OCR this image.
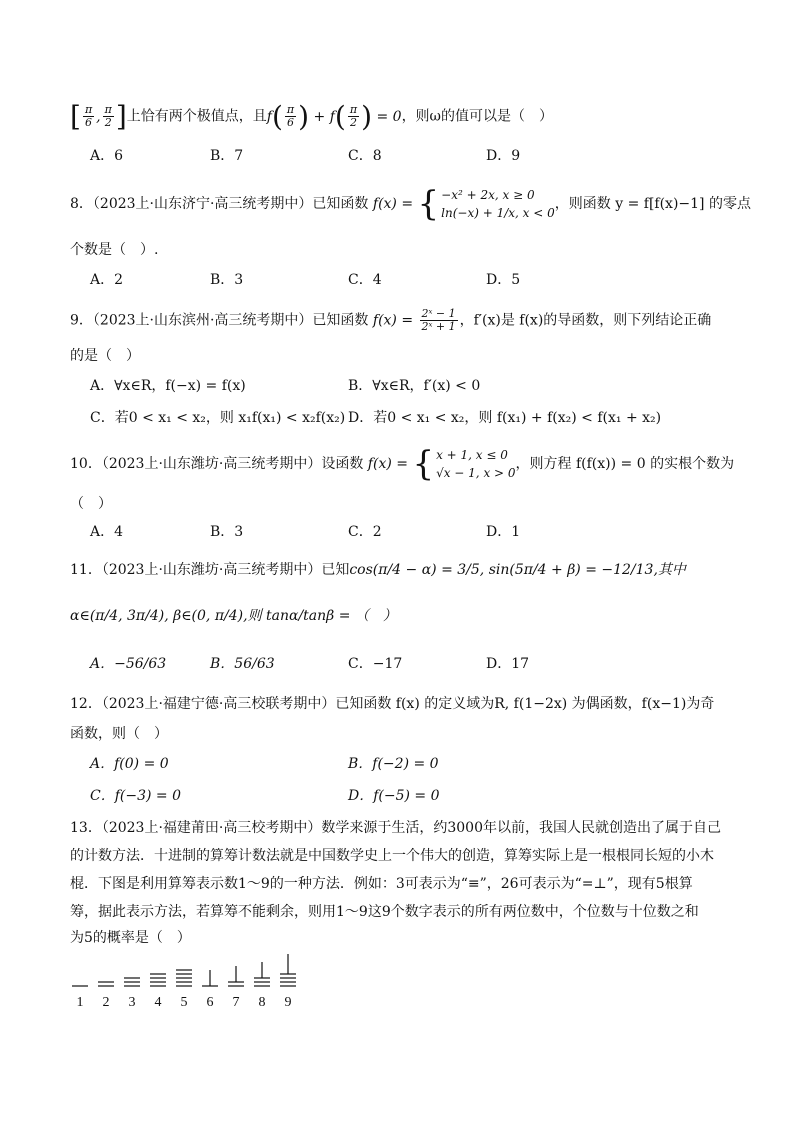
[ $\frac{\pi}{6}$ , $\frac{\pi}{2}$ ]上恰有两个极值点，且$f( \frac{\pi}{6}$ ) + $f( \frac{\pi}{2}$ ) = 0，则ω的值可以是（　）
A．6	B．7	C．8	D．9
8．（2023上·山东济宁·高三统考期中）已知函数 f(x) = { −x² + 2x, x ≥ 0
ln(−x) + 1/x, x < 0
，则函数 y = f[f(x)−1] 的零点
个数是（　）.
A．2	B．3	C．4	D．5
9．（2023上·山东滨州·高三统考期中）已知函数 $f(x) = \frac{\text{2ˣ − 1}}{\text{2ˣ + 1}}$ ，f′(x)是 f(x)的导函数，则下列结论正确
的是（　）
A．∀x∈R，f(−x) = f(x)	B．∀x∈R，f′(x) < 0
C．若0 < x₁ < x₂，则 x₁f(x₁) < x₂f(x₂) D．若0 < x₁ < x₂，则 f(x₁) + f(x₂) < f(x₁ + x₂)
10．（2023上·山东潍坊·高三统考期中）设函数 f(x) = { x + 1, x ≤ 0
√x − 1, x > 0
，则方程 f(f(x)) = 0 的实根个数为
（　）
A．4	B．3	C．2	D．1
11．（2023上·山东潍坊·高三统考期中）已知cos(π/4 − α) = 3/5, sin(5π/4 + β) = −12/13,其中
α∈(π/4, 3π/4), β∈(0, π/4),则 tanα/tanβ = （　）
A．−56/63	B．56/63	C．−17	D．17
12．（2023上·福建宁德·高三校联考期中）已知函数 f(x) 的定义域为R, f(1−2x) 为偶函数，f(x−1)为奇
函数，则（　）
A．f(0) = 0	B．f(−2) = 0
C．f(−3) = 0	D．f(−5) = 0
13．（2023上·福建莆田·高三校考期中）数学来源于生活，约3000年以前，我国人民就创造出了属于自己
的计数方法．十进制的算筹计数法就是中国数学史上一个伟大的创造，算筹实际上是一根根同长短的小木
棍．下图是利用算筹表示数1～9的一种方法．例如：3可表示为“≡”，26可表示为“=⊥”，现有5根算
筹，据此表示方法，若算筹不能剩余，则用1～9这9个数字表示的所有两位数中，个位数与十位数之和
为5的概率是（　）
1 2 3 4 5 6 7 8 9
